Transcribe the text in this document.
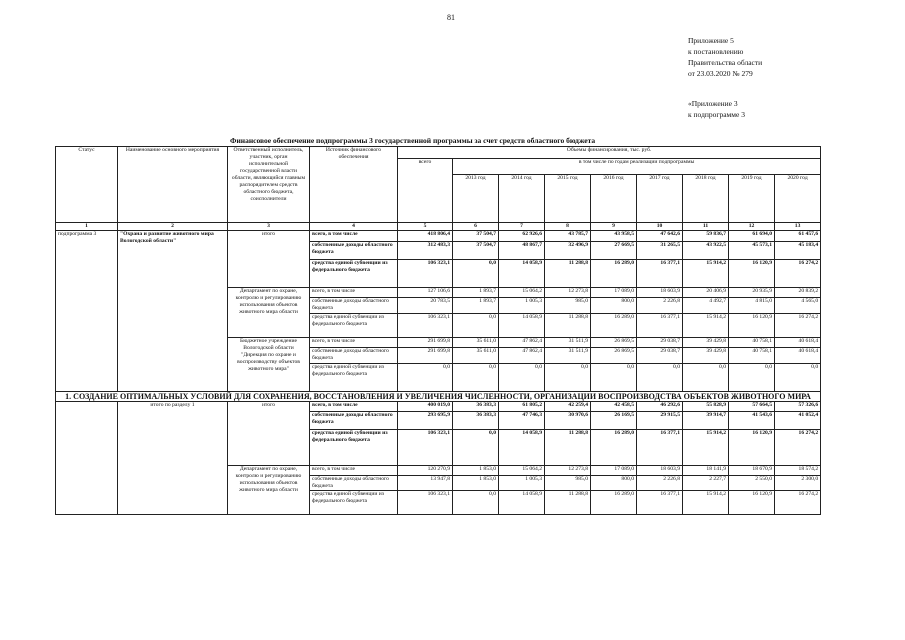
81
Приложение 5
к постановлению
Правительства области
от 23.03.2020 № 279
«Приложение 3
к подпрограмме 3
Финансовое обеспечение подпрограммы 3 государственной программы за счет средств областного бюджета
Статус	Наименование основного мероприятия	Ответственный исполнитель, участник, орган исполнительной государственной власти области, являющийся главным распорядителем средств областного бюджета, соисполнители	Источник финансового обеспечения	Объемы финансирования, тыс. руб.								
				всего	в том числе по годам реализации подпрограммы							
					2013 год	2014 год	2015 год	2016 год	2017 год	2018 год	2019 год	2020 год
1	2	3	4	5	6	7	8	9	10	11	12	13
подпрограмма 3	"Охрана и развитие животного мира Вологодской области"	итого	всего, в том числе	418 806,4	37 504,7	62 926,6	43 785,7	43 958,5	47 642,6	59 836,7	61 694,0	61 457,6
			собственные доходы областного бюджета	312 483,3	37 504,7	48 867,7	32 496,9	27 669,5	31 265,5	43 922,5	45 573,1	45 183,4
			средства единой субвенции из федерального бюджета	106 323,1	0,0	14 058,9	11 288,8	16 289,0	16 377,1	15 914,2	16 120,9	16 274,2
		Департамент по охране, контролю и регулированию использования объектов животного мира области	всего, в том числе	127 106,6	1 893,7	15 064,2	12 273,8	17 089,0	18 603,9	20 406,9	20 935,9	20 839,2
			собственные доходы областного бюджета	20 783,5	1 893,7	1 005,3	985,0	800,0	2 226,8	4 492,7	4 815,0	4 565,0
			средства единой субвенции из федерального бюджета	106 323,1	0,0	14 058,9	11 288,8	16 289,0	16 377,1	15 914,2	16 120,9	16 274,2
		Бюджетное учреждение Вологодской области "Дирекция по охране и воспроизводству объектов животного мира"	всего, в том числе	291 699,8	35 611,0	47 862,4	31 511,9	26 869,5	29 038,7	39 429,8	40 758,1	40 618,4
			собственные доходы областного бюджета	291 699,8	35 611,0	47 862,4	31 511,9	26 869,5	29 038,7	39 429,8	40 758,1	40 618,4
			средства единой субвенции из федерального бюджета	0,0	0,0	0,0	0,0	0,0	0,0	0,0	0,0	0,0
1. СОЗДАНИЕ ОПТИМАЛЬНЫХ УСЛОВИЙ ДЛЯ СОХРАНЕНИЯ, ВОССТАНОВЛЕНИЯ И УВЕЛИЧЕНИЯ ЧИСЛЕННОСТИ, ОРГАНИЗАЦИИ ВОСПРОИЗВОДСТВА ОБЪЕКТОВ ЖИВОТНОГО МИРА												
	итого по разделу 1	итого	всего, в том числе	400 019,0	36 383,3	61 805,2	42 259,4	42 458,5	46 292,6	55 828,9	57 664,5	57 326,6
			собственные доходы областного бюджета	293 695,9	36 383,3	47 746,3	30 970,6	26 169,5	29 915,5	39 914,7	41 543,6	41 052,4
			средства единой субвенции из федерального бюджета	106 323,1	0,0	14 058,9	11 288,8	16 289,0	16 377,1	15 914,2	16 120,9	16 274,2
		Департамент по охране, контролю и регулированию использования объектов животного мира области	всего, в том числе	120 270,9	1 853,0	15 064,2	12 273,8	17 089,0	18 603,9	18 141,9	18 670,9	18 574,2
			собственные доходы областного бюджета	13 947,8	1 853,0	1 005,3	985,0	800,0	2 226,8	2 227,7	2 550,0	2 300,0
			средства единой субвенции из федерального бюджета	106 323,1	0,0	14 058,9	11 288,8	16 289,0	16 377,1	15 914,2	16 120,9	16 274,2
